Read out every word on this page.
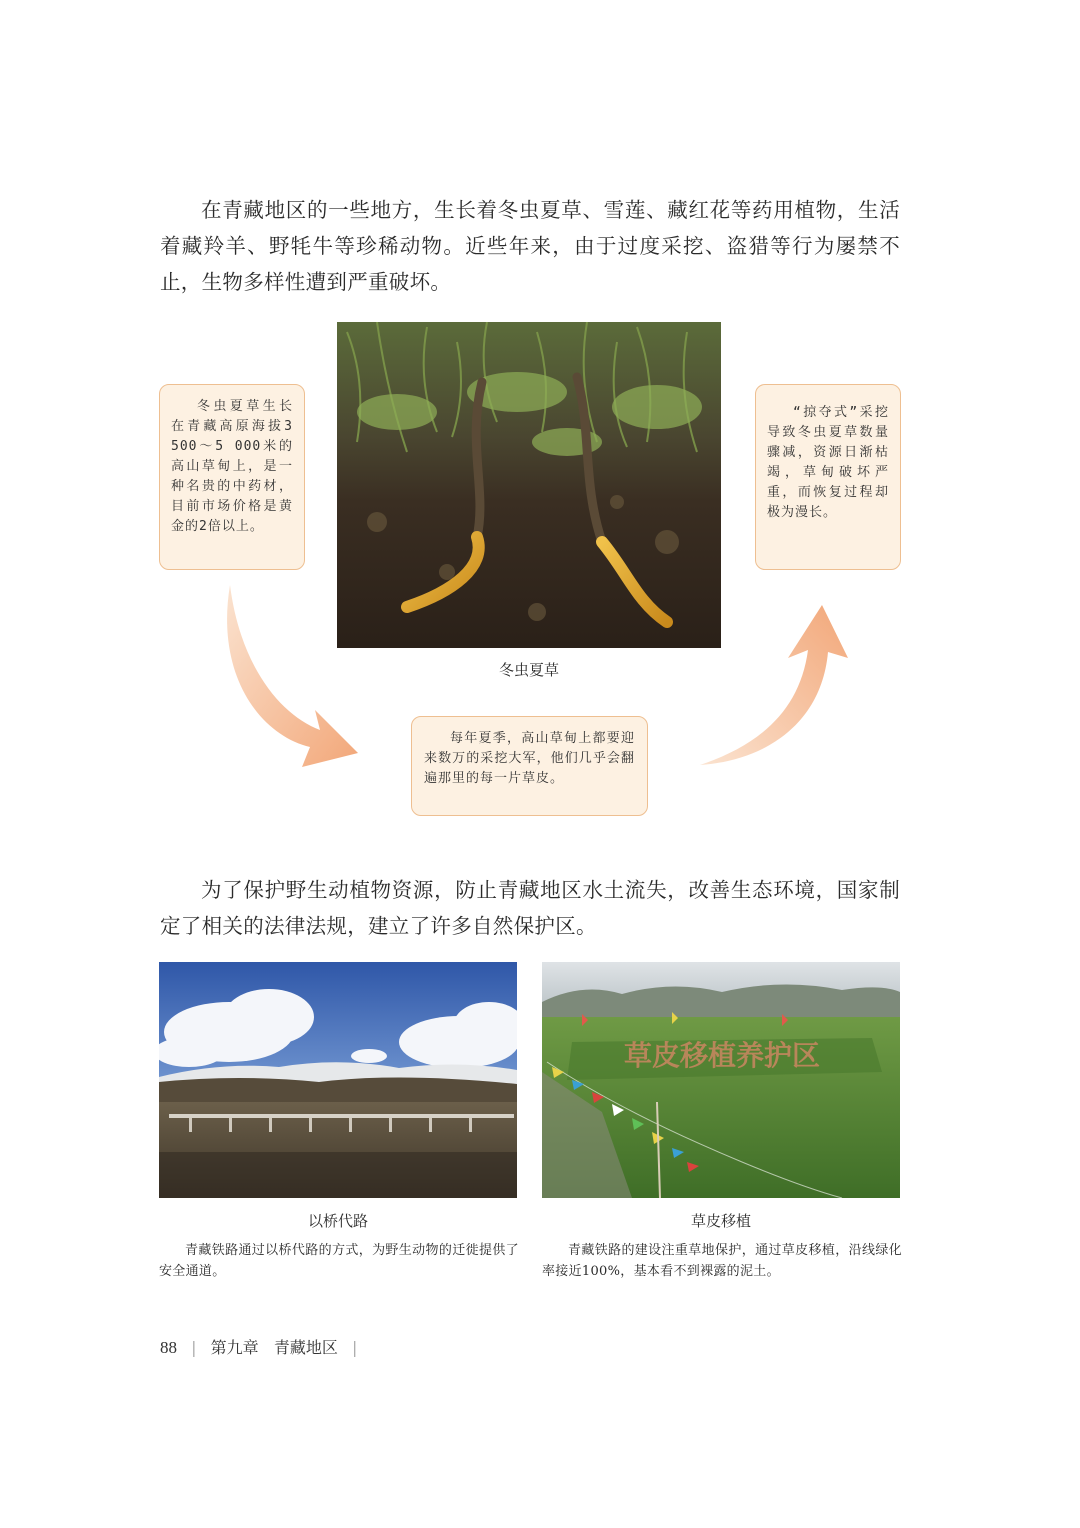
在青藏地区的一些地方，生长着冬虫夏草、雪莲、藏红花等药用植物，生活着藏羚羊、野牦牛等珍稀动物。近些年来，由于过度采挖、盗猎等行为屡禁不止，生物多样性遭到严重破坏。

冬虫夏草

冬虫夏草生长在青藏高原海拔3 500～5 000米的高山草甸上，是一种名贵的中药材，目前市场价格是黄金的2倍以上。

“掠夺式”采挖导致冬虫夏草数量骤减，资源日渐枯竭，草甸破坏严重，而恢复过程却极为漫长。

每年夏季，高山草甸上都要迎来数万的采挖大军，他们几乎会翻遍那里的每一片草皮。

为了保护野生动植物资源，防止青藏地区水土流失，改善生态环境，国家制定了相关的法律法规，建立了许多自然保护区。

草皮移植养护区
以桥代路	草皮移植

青藏铁路通过以桥代路的方式，为野生动物的迁徙提供了安全通道。

青藏铁路的建设注重草地保护，通过草皮移植，沿线绿化率接近100%，基本看不到裸露的泥土。

88 | 第九章 青藏地区 |
